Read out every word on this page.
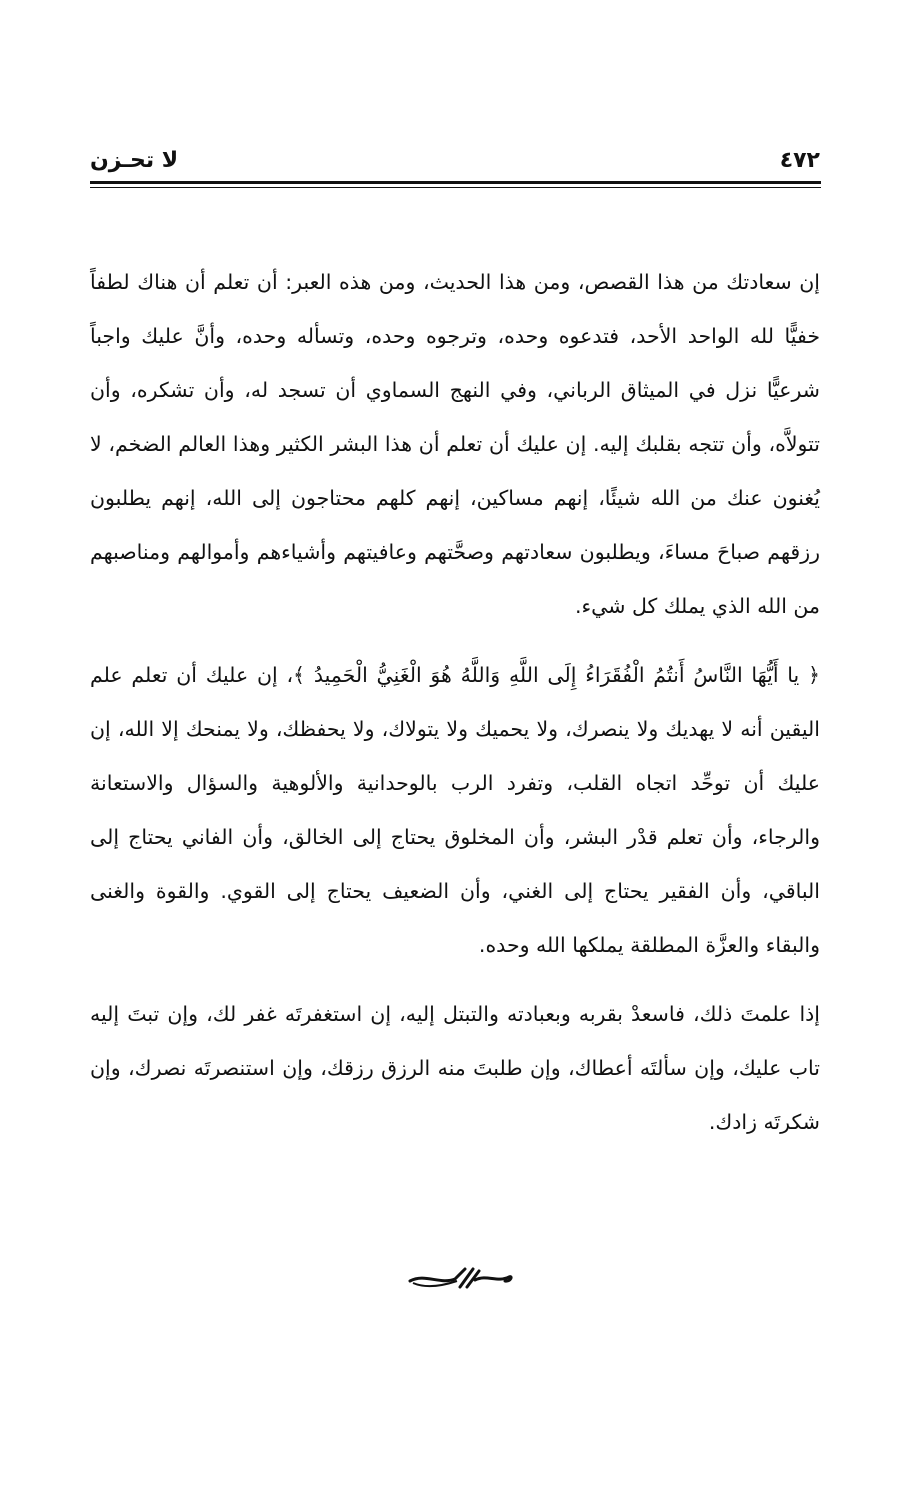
٤٧٢
لا تحـزن

إن سعادتك من هذا القصص، ومن هذا الحديث، ومن هذه العبر: أن تعلم أن هناك لطفاً خفيًّا لله الواحد الأحد، فتدعوه وحده، وترجوه وحده، وتسأله وحده، وأنَّ عليك واجباً شرعيًّا نزل في الميثاق الرباني، وفي النهج السماوي أن تسجد له، وأن تشكره، وأن تتولاَّه، وأن تتجه بقلبك إليه. إن عليك أن تعلم أن هذا البشر الكثير وهذا العالم الضخم، لا يُغنون عنك من الله شيئًا، إنهم مساكين، إنهم كلهم محتاجون إلى الله، إنهم يطلبون رزقهم صباحَ مساءَ، ويطلبون سعادتهم وصحَّتهم وعافيتهم وأشياءهم وأموالهم ومناصبهم من الله الذي يملك كل شيء.

﴿ يا أَيُّهَا النَّاسُ أَنتُمُ الْفُقَرَاءُ إِلَى اللَّهِ وَاللَّهُ هُوَ الْغَنِيُّ الْحَمِيدُ ﴾، إن عليك أن تعلم علم اليقين أنه لا يهديك ولا ينصرك، ولا يحميك ولا يتولاك، ولا يحفظك، ولا يمنحك إلا الله، إن عليك أن توحِّد اتجاه القلب، وتفرد الرب بالوحدانية والألوهية والسؤال والاستعانة والرجاء، وأن تعلم قدْر البشر، وأن المخلوق يحتاج إلى الخالق، وأن الفاني يحتاج إلى الباقي، وأن الفقير يحتاج إلى الغني، وأن الضعيف يحتاج إلى القوي. والقوة والغنى والبقاء والعزَّة المطلقة يملكها الله وحده.

إذا علمتَ ذلك، فاسعدْ بقربه وبعبادته والتبتل إليه، إن استغفرتَه غفر لك، وإن تبتَ إليه تاب عليك، وإن سألتَه أعطاك، وإن طلبتَ منه الرزق رزقك، وإن استنصرتَه نصرك، وإن شكرتَه زادك.
